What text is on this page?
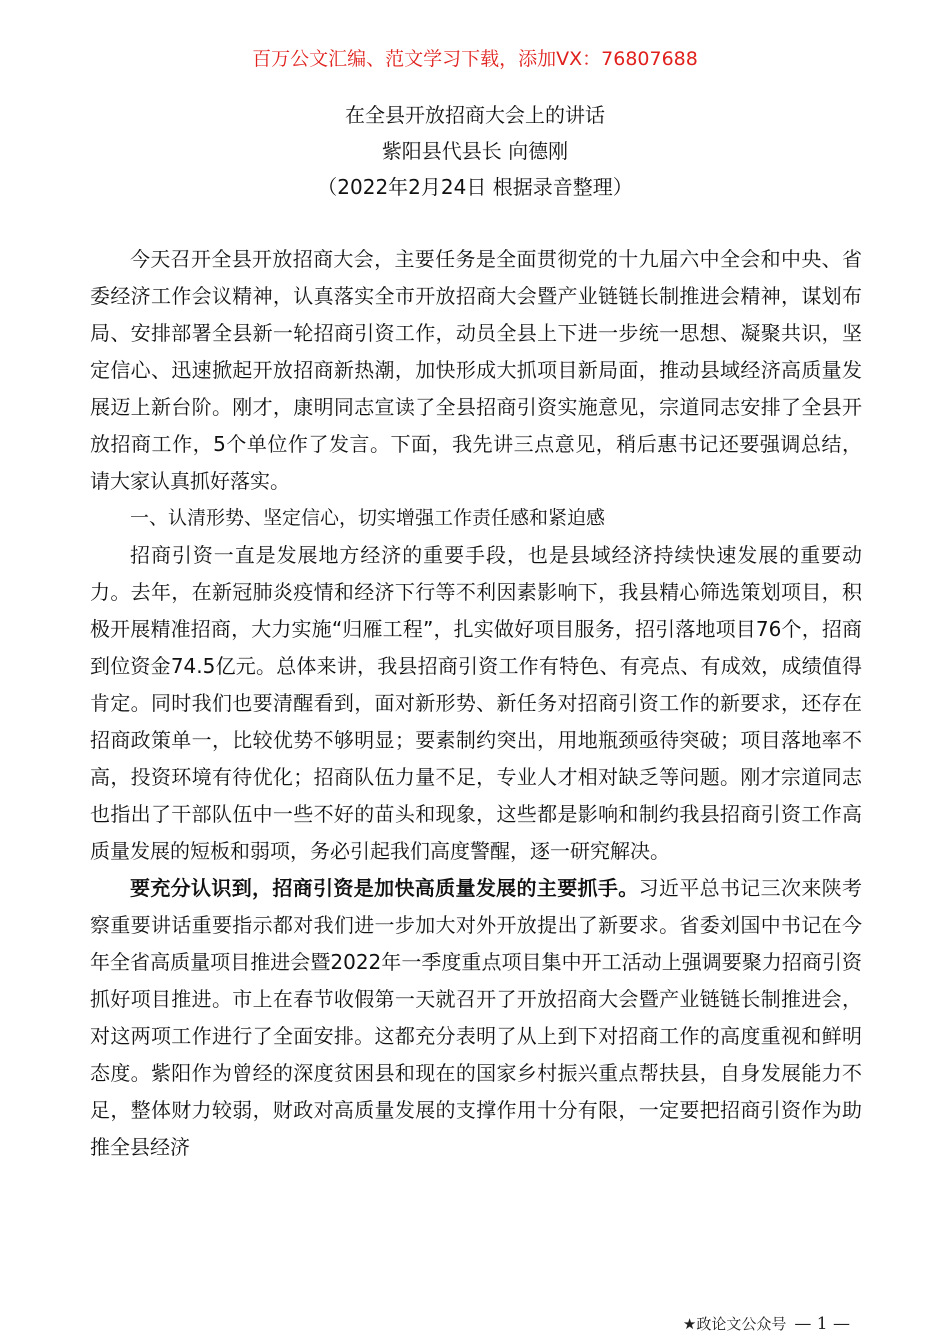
百万公文汇编、范文学习下载，添加VX：76807688
在全县开放招商大会上的讲话
紫阳县代县长 向德刚
（2022年2月24日 根据录音整理）

今天召开全县开放招商大会，主要任务是全面贯彻党的十九届六中全会和中央、省委经济工作会议精神，认真落实全市开放招商大会暨产业链链长制推进会精神，谋划布局、安排部署全县新一轮招商引资工作，动员全县上下进一步统一思想、凝聚共识，坚定信心、迅速掀起开放招商新热潮，加快形成大抓项目新局面，推动县域经济高质量发展迈上新台阶。刚才，康明同志宣读了全县招商引资实施意见，宗道同志安排了全县开放招商工作，5个单位作了发言。下面，我先讲三点意见，稍后惠书记还要强调总结，请大家认真抓好落实。

一、认清形势、坚定信心，切实增强工作责任感和紧迫感

招商引资一直是发展地方经济的重要手段，也是县域经济持续快速发展的重要动力。去年，在新冠肺炎疫情和经济下行等不利因素影响下，我县精心筛选策划项目，积极开展精准招商，大力实施“归雁工程”，扎实做好项目服务，招引落地项目76个，招商到位资金74.5亿元。总体来讲，我县招商引资工作有特色、有亮点、有成效，成绩值得肯定。同时我们也要清醒看到，面对新形势、新任务对招商引资工作的新要求，还存在招商政策单一，比较优势不够明显；要素制约突出，用地瓶颈亟待突破；项目落地率不高，投资环境有待优化；招商队伍力量不足，专业人才相对缺乏等问题。刚才宗道同志也指出了干部队伍中一些不好的苗头和现象，这些都是影响和制约我县招商引资工作高质量发展的短板和弱项，务必引起我们高度警醒，逐一研究解决。

要充分认识到，招商引资是加快高质量发展的主要抓手。习近平总书记三次来陕考察重要讲话重要指示都对我们进一步加大对外开放提出了新要求。省委刘国中书记在今年全省高质量项目推进会暨2022年一季度重点项目集中开工活动上强调要聚力招商引资抓好项目推进。市上在春节收假第一天就召开了开放招商大会暨产业链链长制推进会，对这两项工作进行了全面安排。这都充分表明了从上到下对招商工作的高度重视和鲜明态度。紫阳作为曾经的深度贫困县和现在的国家乡村振兴重点帮扶县，自身发展能力不足，整体财力较弱，财政对高质量发展的支撑作用十分有限，一定要把招商引资作为助推全县经济

★政论文公众号 — 1 —
